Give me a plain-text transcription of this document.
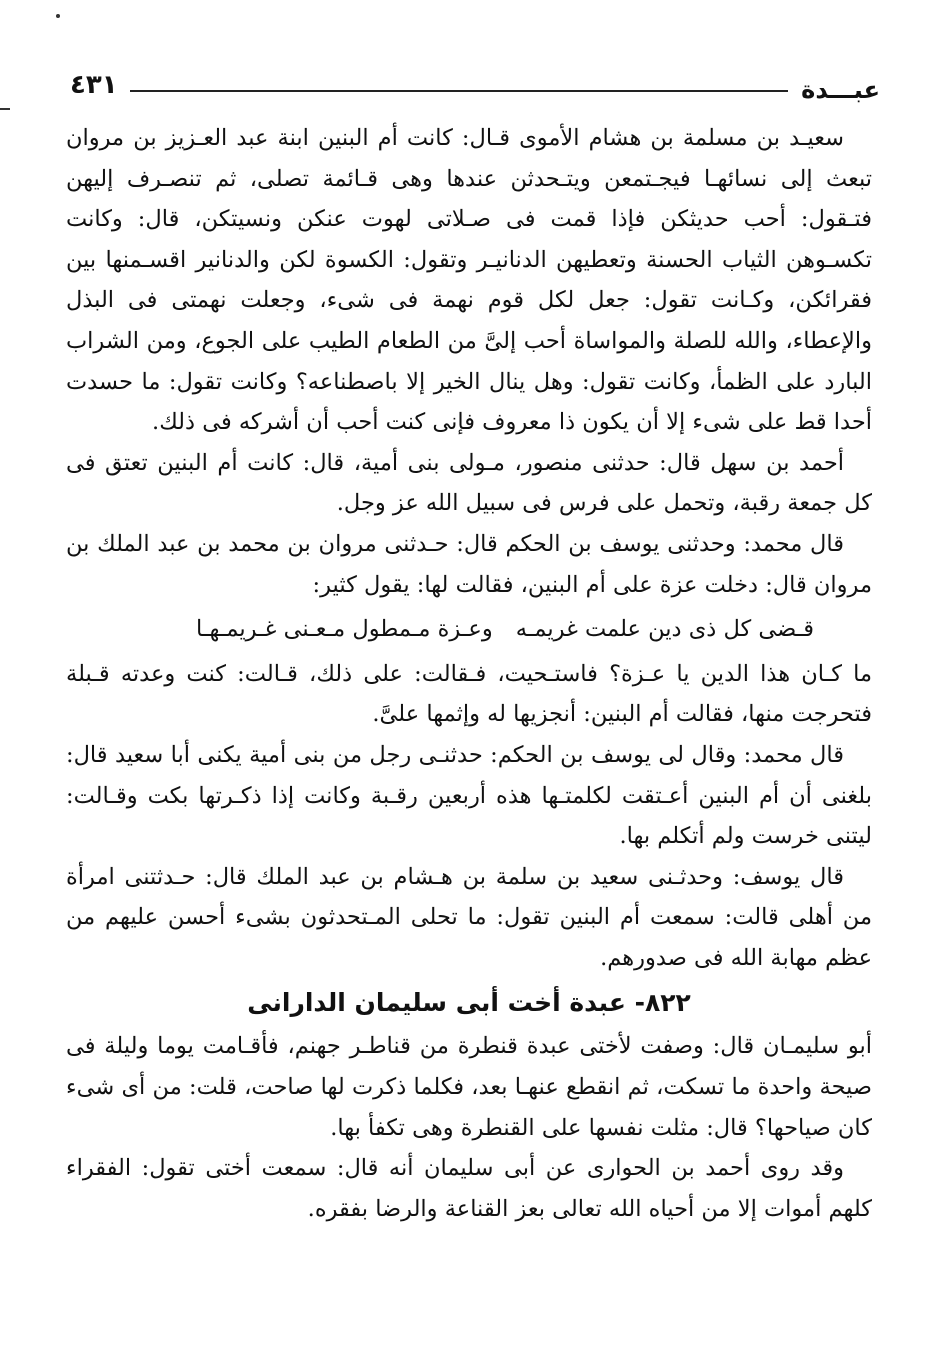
٤٣١	عبـــدة

سعيـد بن مسلمة بن هشام الأموى قـال: كانت أم البنين ابنة عبد العـزيز بن مروان تبعث إلى نسائهـا فيجـتمعن ويتـحدثن عندها وهى قـائمة تصلى، ثم تنصـرف إليهن فتـقول: أحب حديثكن فإذا قمت فى صـلاتى لهوت عنكن ونسيتكن، قال: وكانت تكسـوهن الثياب الحسنة وتعطيهن الدنانيـر وتقول: الكسوة لكن والدنانير اقسـمنها بين فقرائكن، وكـانت تقول: جعل لكل قوم نهمة فى شىء، وجعلت نهمتى فى البذل والإعطاء، والله للصلة والمواساة أحب إلىَّ من الطعام الطيب على الجوع، ومن الشراب البارد على الظمأ، وكانت تقول: وهل ينال الخير إلا باصطناعه؟ وكانت تقول: ما حسدت أحدا قط على شىء إلا أن يكون ذا معروف فإنى كنت أحب أن أشركه فى ذلك.

أحمد بن سهل قال: حدثنى منصور، مـولى بنى أمية، قال: كانت أم البنين تعتق فى كل جمعة رقبة، وتحمل على فرس فى سبيل الله عز وجل.

قال محمد: وحدثنى يوسف بن الحكم قال: حـدثنى مروان بن محمد بن عبد الملك بن مروان قال: دخلت عزة على أم البنين، فقالت لها: يقول كثير:

قـضى كل ذى دين علمت غريمـه
وعـزة مـمطول مـعـنى غـريمـهـا

ما كـان هذا الدين يا عـزة؟ فاستـحيت، فـقالت: على ذلك، قـالت: كنت وعدته قـبلة فتحرجت منها، فقالت أم البنين: أنجزيها له وإثمها علىَّ.

قال محمد: وقال لى يوسف بن الحكم: حدثنـى رجل من بنى أمية يكنى أبا سعيد قال: بلغنى أن أم البنين أعـتقت لكلمتـها هذه أربعين رقـبة وكانت إذا ذكـرتها بكت وقـالت: ليتنى خرست ولم أتكلم بها.

قال يوسف: وحدثـنى سعيد بن سلمة بن هـشام بن عبد الملك قال: حـدثتنى امرأة من أهلى قالت: سمعت أم البنين تقول: ما تحلى المـتحدثون بشىء أحسن عليهم من عظم مهابة الله فى صدورهم.

٨٢٢- عبدة أخت أبى سليمان الدارانى

أبو سليمـان قال: وصفت لأختى عبدة قنطرة من قناطـر جهنم، فأقـامت يوما وليلة فى صيحة واحدة ما تسكت، ثم انقطع عنهـا بعد، فكلما ذكرت لها صاحت، قلت: من أى شىء كان صياحها؟ قال: مثلت نفسها على القنطرة وهى تكفأ بها.

وقد روى أحمد بن الحوارى عن أبى سليمان أنه قال: سمعت أختى تقول: الفقراء كلهم أموات إلا من أحياه الله تعالى بعز القناعة والرضا بفقره.
